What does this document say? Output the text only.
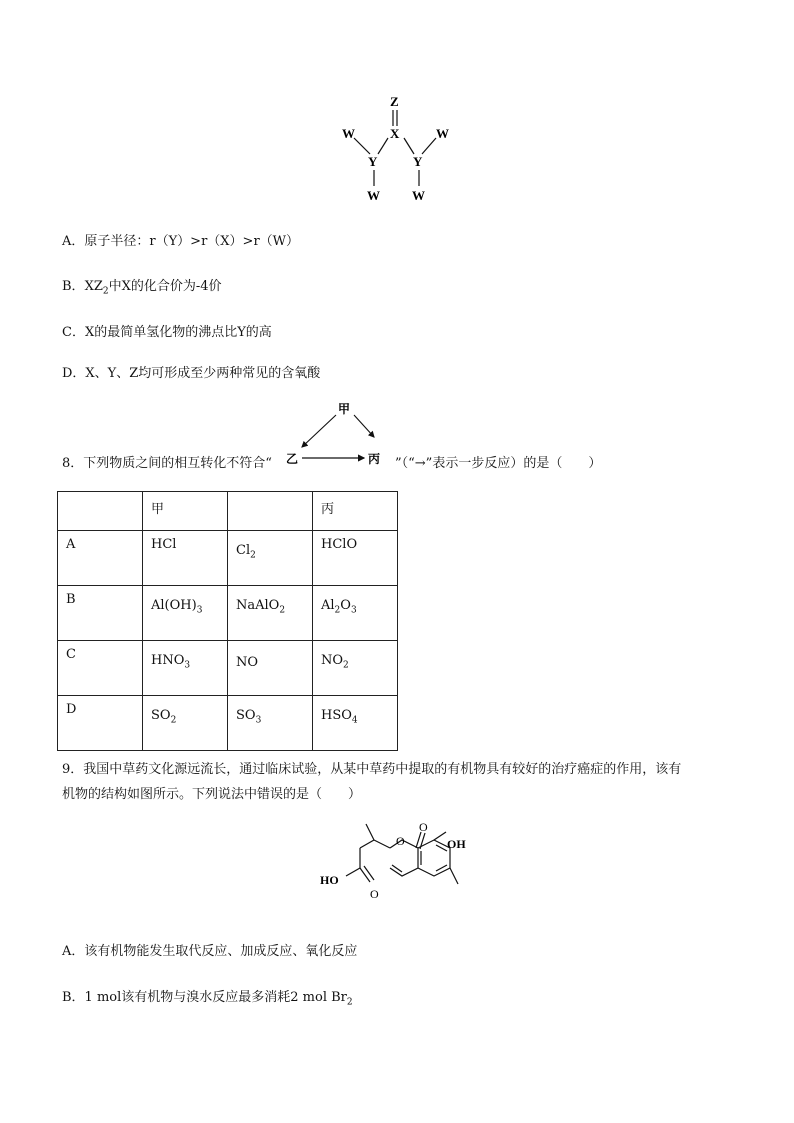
Z
X
W	W
Y	Y
W W
A．原子半径：r（Y）>r（X）>r（W）
B．$XZ_2$中X的化合价为-4价
C．X的最简单氢化物的沸点比Y的高
D．X、Y、Z均可形成至少两种常见的含氧酸
甲
乙	丙
8．下列物质之间的相互转化不符合“	”（“→”表示一步反应）的是（　　）
	甲		丙
A	HCl	$Cl_2$	HClO
B	$Al(OH)_3$	NaAlO$_2$	$Al_2O_3$
C	$HNO_3$	NO	$NO_2$
D	$SO_2$	$SO_3$	$HSO_4$
9．我国中草药文化源远流长，通过临床试验，从某中草药中提取的有机物具有较好的治疗癌症的作用，该有
机物的结构如图所示。下列说法中错误的是（　　）
O
O	OH
HO
O
A．该有机物能发生取代反应、加成反应、氧化反应
B．1 mol该有机物与溴水反应最多消耗2 mol $Br_2$
